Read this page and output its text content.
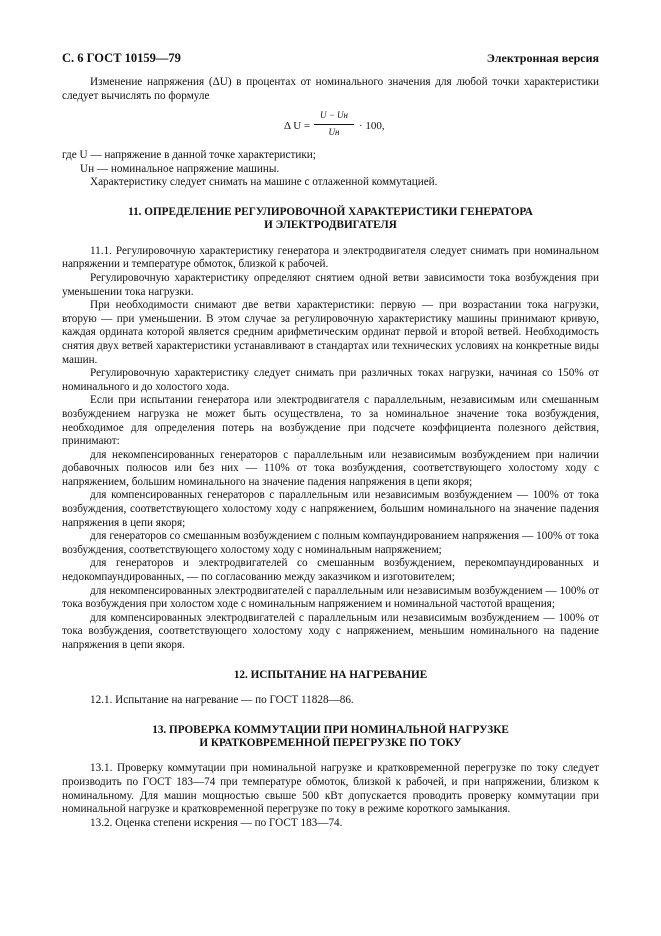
С. 6 ГОСТ 10159—79	Электронная версия

Изменение напряжения (ΔU) в процентах от номинального значения для любой точки характеристики следует вычислять по формуле

Δ U =
U − Uн
Uн	· 100,

где U — напряжение в данной точке характеристики;

Uн — номинальное напряжение машины.

Характеристику следует снимать на машине с отлаженной коммутацией.

11. ОПРЕДЕЛЕНИЕ РЕГУЛИРОВОЧНОЙ ХАРАКТЕРИСТИКИ ГЕНЕРАТОРА
И ЭЛЕКТРОДВИГАТЕЛЯ

11.1. Регулировочную характеристику генератора и электродвигателя следует снимать при номинальном напряжении и температуре обмоток, близкой к рабочей.

Регулировочную характеристику определяют снятием одной ветви зависимости тока возбуждения при уменьшении тока нагрузки.

При необходимости снимают две ветви характеристики: первую — при возрастании тока нагрузки, вторую — при уменьшении. В этом случае за регулировочную характеристику машины принимают кривую, каждая ордината которой является средним арифметическим ординат первой и второй ветвей. Необходимость снятия двух ветвей характеристики устанавливают в стандартах или технических условиях на конкретные виды машин.

Регулировочную характеристику следует снимать при различных токах нагрузки, начиная со 150% от номинального и до холостого хода.

Если при испытании генератора или электродвигателя с параллельным, независимым или смешанным возбуждением нагрузка не может быть осуществлена, то за номинальное значение тока возбуждения, необходимое для определения потерь на возбуждение при подсчете коэффициента полезного действия, принимают:

для некомпенсированных генераторов с параллельным или независимым возбуждением при наличии добавочных полюсов или без них — 110% от тока возбуждения, соответствующего холостому ходу с напряжением, большим номинального на значение падения напряжения в цепи якоря;

для компенсированных генераторов с параллельным или независимым возбуждением — 100% от тока возбуждения, соответствующего холостому ходу с напряжением, большим номинального на значение падения напряжения в цепи якоря;

для генераторов со смешанным возбуждением с полным компаундированием напряжения — 100% от тока возбуждения, соответствующего холостому ходу с номинальным напряжением;

для генераторов и электродвигателей со смешанным возбуждением, перекомпаундированных и недокомпаундированных, — по согласованию между заказчиком и изготовителем;

для некомпенсированных электродвигателей с параллельным или независимым возбуждением — 100% от тока возбуждения при холостом ходе с номинальным напряжением и номинальной частотой вращения;

для компенсированных электродвигателей с параллельным или независимым возбуждением — 100% от тока возбуждения, соответствующего холостому ходу с напряжением, меньшим номинального на падение напряжения в цепи якоря.

12. ИСПЫТАНИЕ НА НАГРЕВАНИЕ

12.1. Испытание на нагревание — по ГОСТ 11828—86.

13. ПРОВЕРКА КОММУТАЦИИ ПРИ НОМИНАЛЬНОЙ НАГРУЗКЕ
И КРАТКОВРЕМЕННОЙ ПЕРЕГРУЗКЕ ПО ТОКУ

13.1. Проверку коммутации при номинальной нагрузке и кратковременной перегрузке по току следует производить по ГОСТ 183—74 при температуре обмоток, близкой к рабочей, и при напряжении, близком к номинальному. Для машин мощностью свыше 500 кВт допускается проводить проверку коммутации при номинальной нагрузке и кратковременной перегрузке по току в режиме короткого замыкания.

13.2. Оценка степени искрения — по ГОСТ 183—74.
